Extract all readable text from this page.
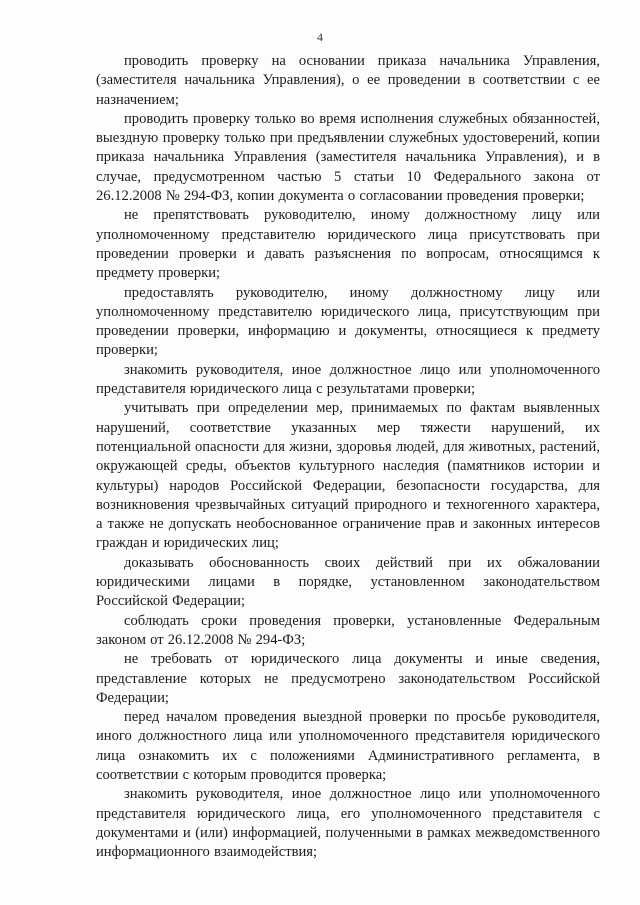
4

проводить проверку на основании приказа начальника Управления, (заместителя начальника Управления), о ее проведении в соответствии с ее назначением;

проводить проверку только во время исполнения служебных обязанностей, выездную проверку только при предъявлении служебных удостоверений, копии приказа начальника Управления (заместителя начальника Управления), и в случае, предусмотренном частью 5 статьи 10 Федерального закона от 26.12.2008 № 294-ФЗ, копии документа о согласовании проведения проверки;

не препятствовать руководителю, иному должностному лицу или уполномоченному представителю юридического лица присутствовать при проведении проверки и давать разъяснения по вопросам, относящимся к предмету проверки;

предоставлять руководителю, иному должностному лицу или уполномоченному представителю юридического лица, присутствующим при проведении проверки, информацию и документы, относящиеся к предмету проверки;

знакомить руководителя, иное должностное лицо или уполномоченного представителя юридического лица с результатами проверки;

учитывать при определении мер, принимаемых по фактам выявленных нарушений, соответствие указанных мер тяжести нарушений, их потенциальной опасности для жизни, здоровья людей, для животных, растений, окружающей среды, объектов культурного наследия (памятников истории и культуры) народов Российской Федерации, безопасности государства, для возникновения чрезвычайных ситуаций природного и техногенного характера, а также не допускать необоснованное ограничение прав и законных интересов граждан и юридических лиц;

доказывать обоснованность своих действий при их обжаловании юридическими лицами в порядке, установленном законодательством Российской Федерации;

соблюдать сроки проведения проверки, установленные Федеральным законом от 26.12.2008 № 294-ФЗ;

не требовать от юридического лица документы и иные сведения, представление которых не предусмотрено законодательством Российской Федерации;

перед началом проведения выездной проверки по просьбе руководителя, иного должностного лица или уполномоченного представителя юридического лица ознакомить их с положениями Административного регламента, в соответствии с которым проводится проверка;

знакомить руководителя, иное должностное лицо или уполномоченного представителя юридического лица, его уполномоченного представителя с документами и (или) информацией, полученными в рамках межведомственного информационного взаимодействия;
